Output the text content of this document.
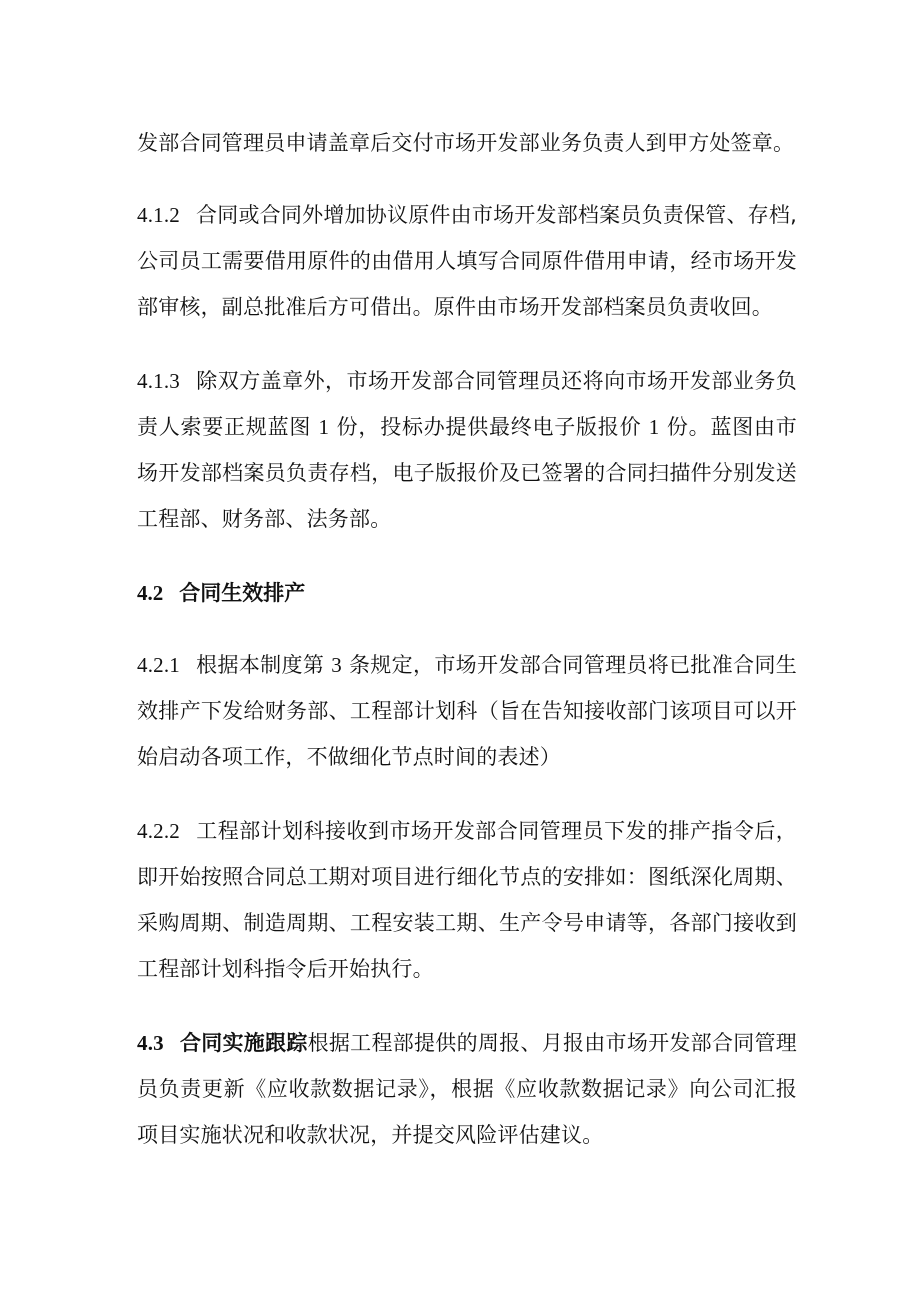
发部合同管理员申请盖章后交付市场开发部业务负责人到甲方处签章。

4.1.2 合同或合同外增加协议原件由市场开发部档案员负责保管、存档,公司员工需要借用原件的由借用人填写合同原件借用申请，经市场开发部审核，副总批准后方可借出。原件由市场开发部档案员负责收回。

4.1.3 除双方盖章外，市场开发部合同管理员还将向市场开发部业务负责人索要正规蓝图 1 份，投标办提供最终电子版报价 1 份。蓝图由市场开发部档案员负责存档，电子版报价及已签署的合同扫描件分别发送工程部、财务部、法务部。

4.2 合同生效排产

4.2.1 根据本制度第 3 条规定，市场开发部合同管理员将已批准合同生效排产下发给财务部、工程部计划科（旨在告知接收部门该项目可以开始启动各项工作，不做细化节点时间的表述）

4.2.2 工程部计划科接收到市场开发部合同管理员下发的排产指令后，即开始按照合同总工期对项目进行细化节点的安排如：图纸深化周期、采购周期、制造周期、工程安装工期、生产令号申请等，各部门接收到工程部计划科指令后开始执行。

4.3 合同实施跟踪根据工程部提供的周报、月报由市场开发部合同管理员负责更新《应收款数据记录》，根据《应收款数据记录》向公司汇报项目实施状况和收款状况，并提交风险评估建议。
